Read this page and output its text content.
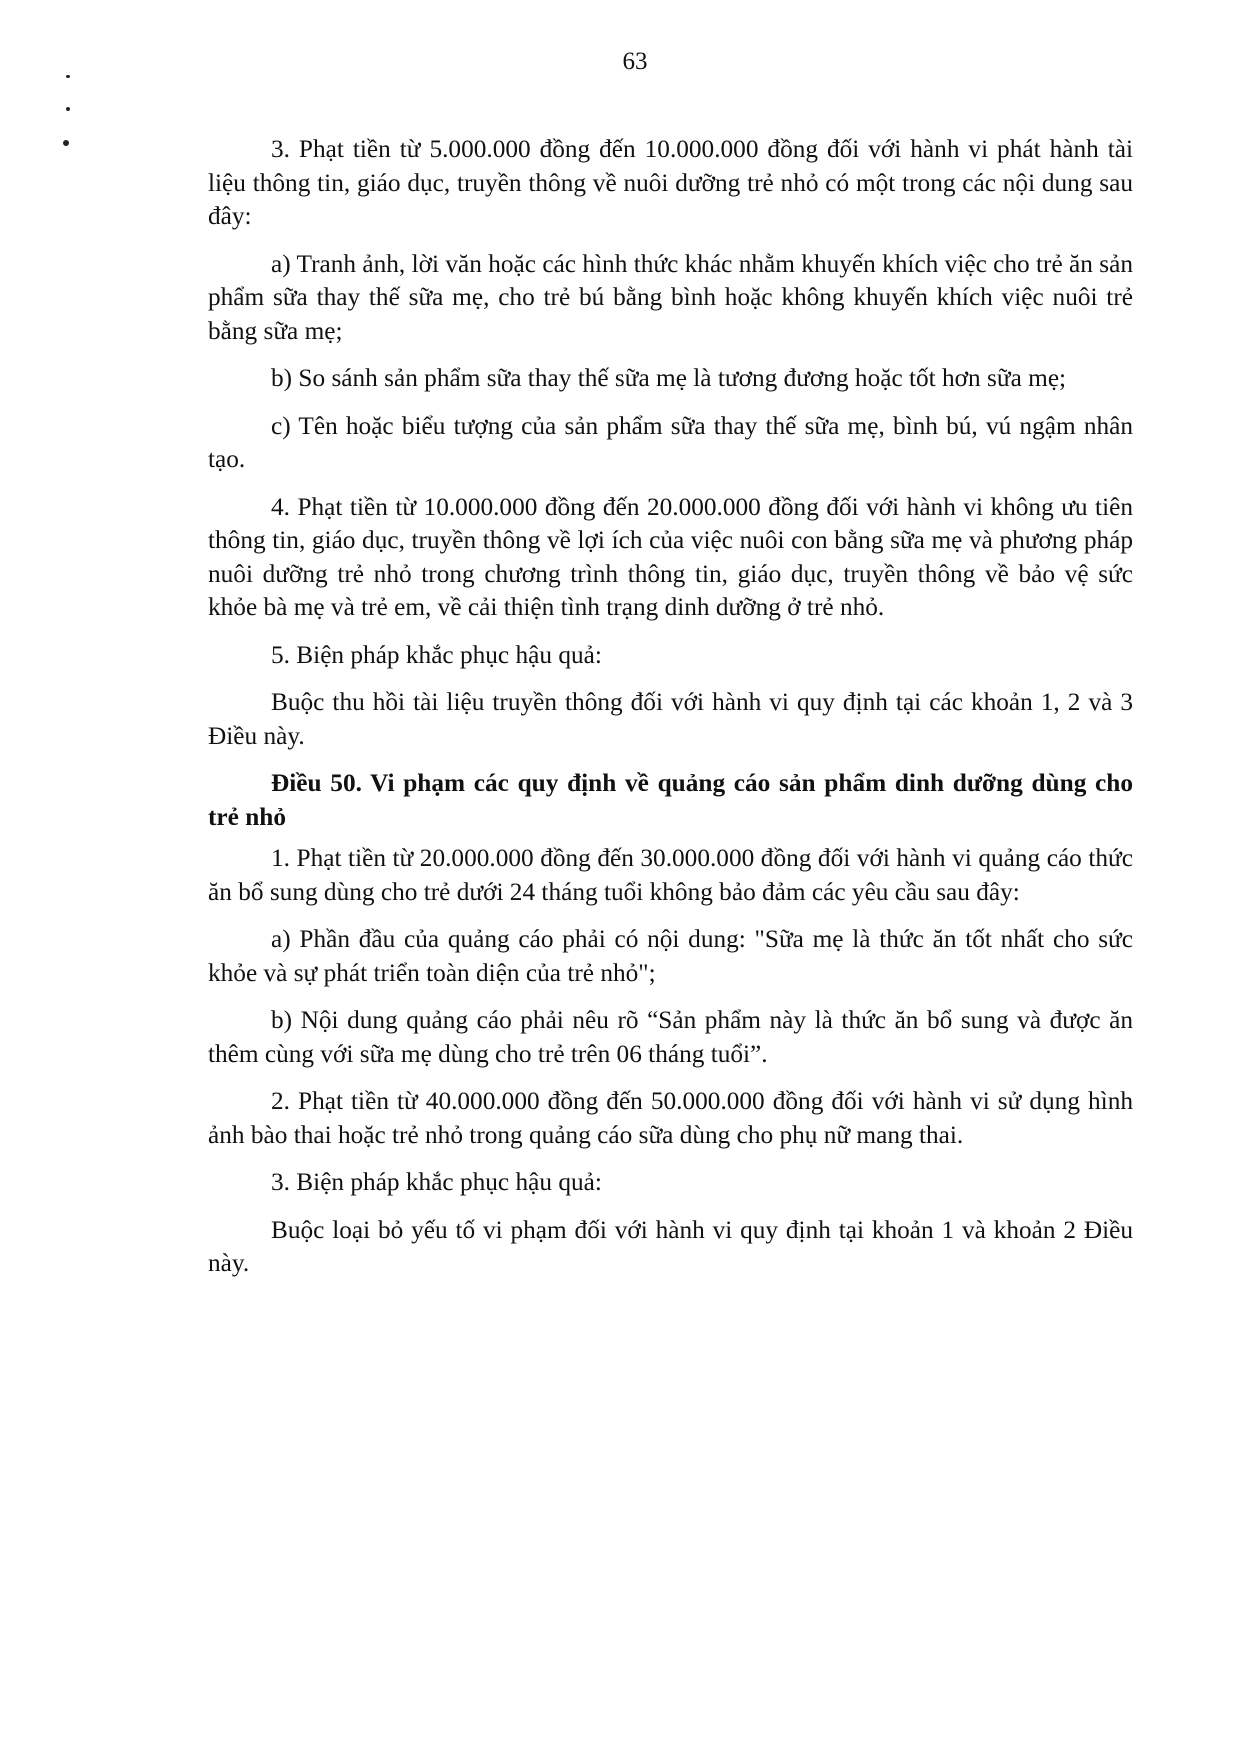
63

3. Phạt tiền từ 5.000.000 đồng đến 10.000.000 đồng đối với hành vi phát hành tài liệu thông tin, giáo dục, truyền thông về nuôi dưỡng trẻ nhỏ có một trong các nội dung sau đây:

a) Tranh ảnh, lời văn hoặc các hình thức khác nhằm khuyến khích việc cho trẻ ăn sản phẩm sữa thay thế sữa mẹ, cho trẻ bú bằng bình hoặc không khuyến khích việc nuôi trẻ bằng sữa mẹ;

b) So sánh sản phẩm sữa thay thế sữa mẹ là tương đương hoặc tốt hơn sữa mẹ;

c) Tên hoặc biểu tượng của sản phẩm sữa thay thế sữa mẹ, bình bú, vú ngậm nhân tạo.

4. Phạt tiền từ 10.000.000 đồng đến 20.000.000 đồng đối với hành vi không ưu tiên thông tin, giáo dục, truyền thông về lợi ích của việc nuôi con bằng sữa mẹ và phương pháp nuôi dưỡng trẻ nhỏ trong chương trình thông tin, giáo dục, truyền thông về bảo vệ sức khỏe bà mẹ và trẻ em, về cải thiện tình trạng dinh dưỡng ở trẻ nhỏ.

5. Biện pháp khắc phục hậu quả:

Buộc thu hồi tài liệu truyền thông đối với hành vi quy định tại các khoản 1, 2 và 3 Điều này.

Điều 50. Vi phạm các quy định về quảng cáo sản phẩm dinh dưỡng dùng cho trẻ nhỏ

1. Phạt tiền từ 20.000.000 đồng đến 30.000.000 đồng đối với hành vi quảng cáo thức ăn bổ sung dùng cho trẻ dưới 24 tháng tuổi không bảo đảm các yêu cầu sau đây:

a) Phần đầu của quảng cáo phải có nội dung: "Sữa mẹ là thức ăn tốt nhất cho sức khỏe và sự phát triển toàn diện của trẻ nhỏ";

b) Nội dung quảng cáo phải nêu rõ “Sản phẩm này là thức ăn bổ sung và được ăn thêm cùng với sữa mẹ dùng cho trẻ trên 06 tháng tuổi”.

2. Phạt tiền từ 40.000.000 đồng đến 50.000.000 đồng đối với hành vi sử dụng hình ảnh bào thai hoặc trẻ nhỏ trong quảng cáo sữa dùng cho phụ nữ mang thai.

3. Biện pháp khắc phục hậu quả:

Buộc loại bỏ yếu tố vi phạm đối với hành vi quy định tại khoản 1 và khoản 2 Điều này.
